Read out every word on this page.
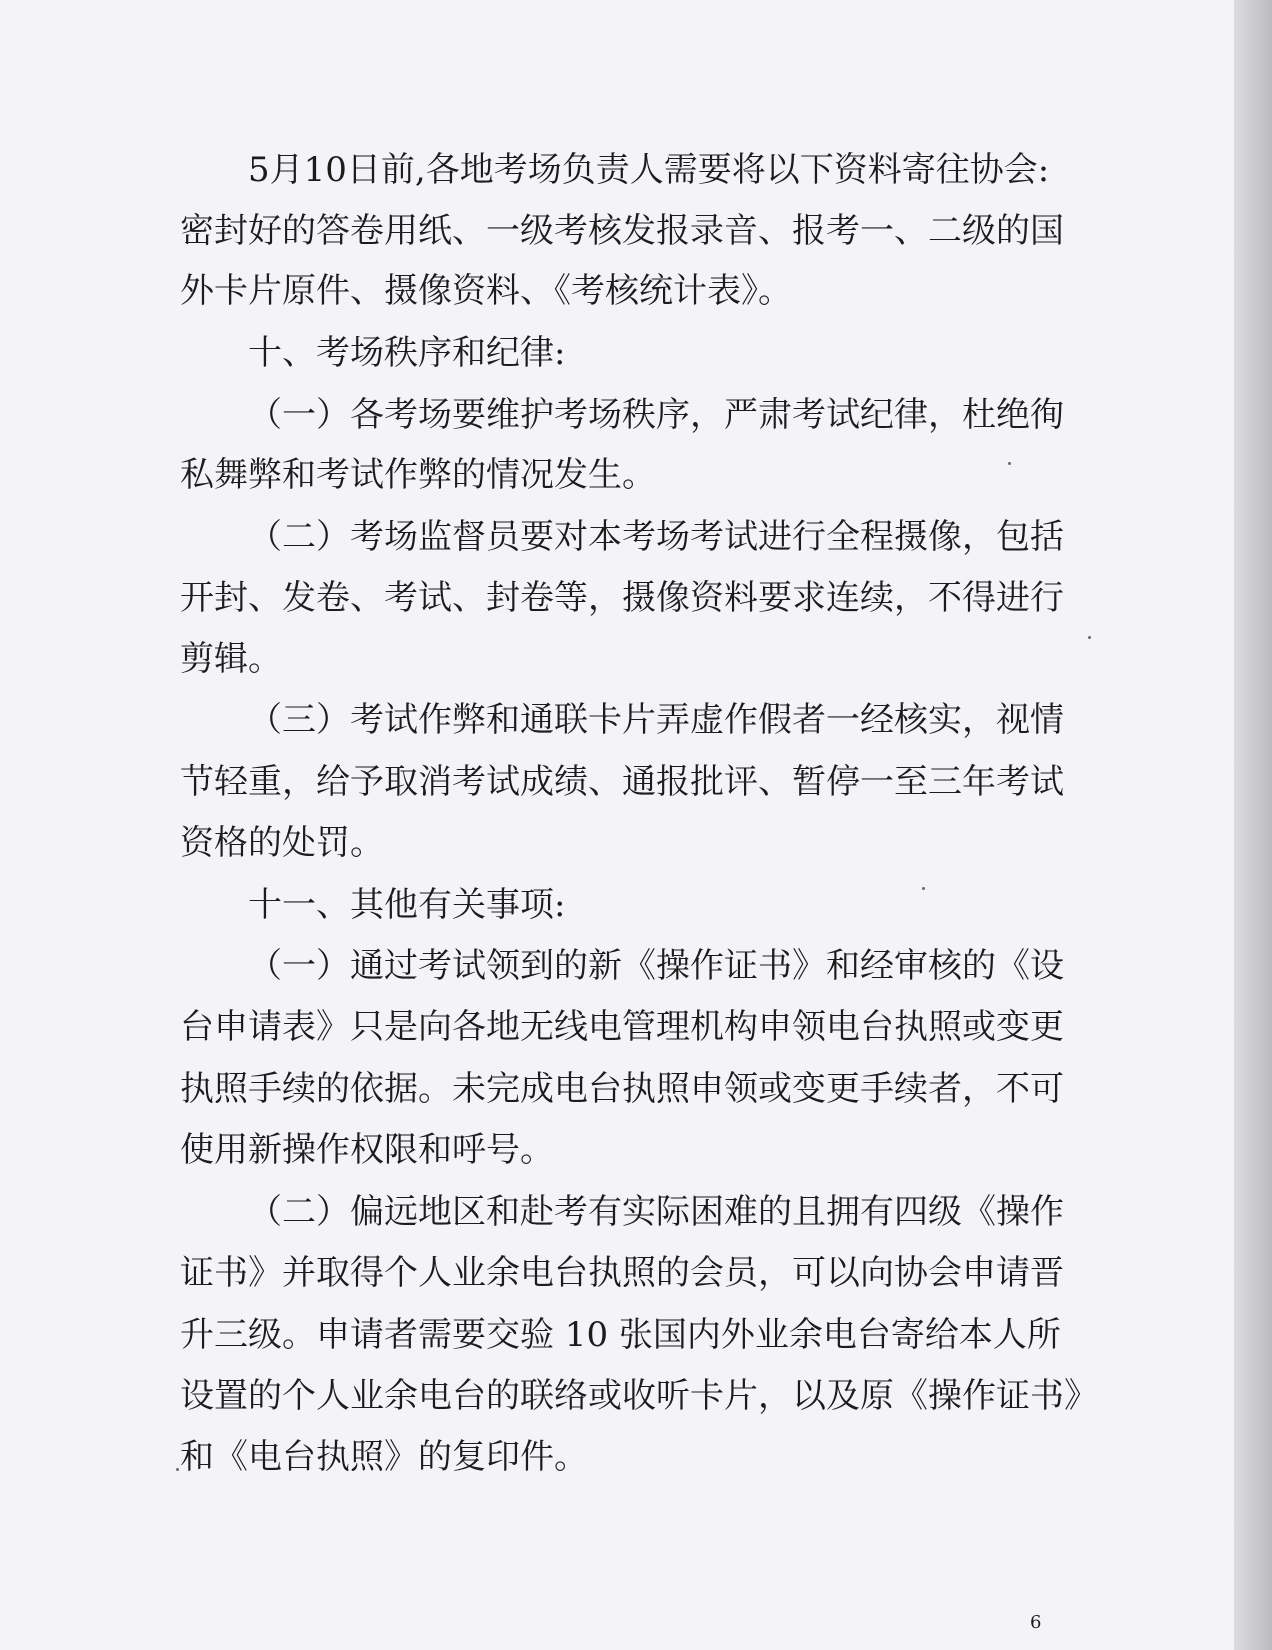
5月10日前,各地考场负责人需要将以下资料寄往协会:
密封好的答卷用纸、一级考核发报录音、报考一、二级的国
外卡片原件、摄像资料、《考核统计表》。
十、考场秩序和纪律:
（一）各考场要维护考场秩序，严肃考试纪律，杜绝徇
私舞弊和考试作弊的情况发生。
（二）考场监督员要对本考场考试进行全程摄像，包括
开封、发卷、考试、封卷等，摄像资料要求连续，不得进行
剪辑。
（三）考试作弊和通联卡片弄虚作假者一经核实，视情
节轻重，给予取消考试成绩、通报批评、暂停一至三年考试
资格的处罚。
十一、其他有关事项:
（一）通过考试领到的新《操作证书》和经审核的《设
台申请表》只是向各地无线电管理机构申领电台执照或变更
执照手续的依据。未完成电台执照申领或变更手续者，不可
使用新操作权限和呼号。
（二）偏远地区和赴考有实际困难的且拥有四级《操作
证书》并取得个人业余电台执照的会员，可以向协会申请晋
升三级。申请者需要交验 10 张国内外业余电台寄给本人所
设置的个人业余电台的联络或收听卡片，以及原《操作证书》
和《电台执照》的复印件。
6
